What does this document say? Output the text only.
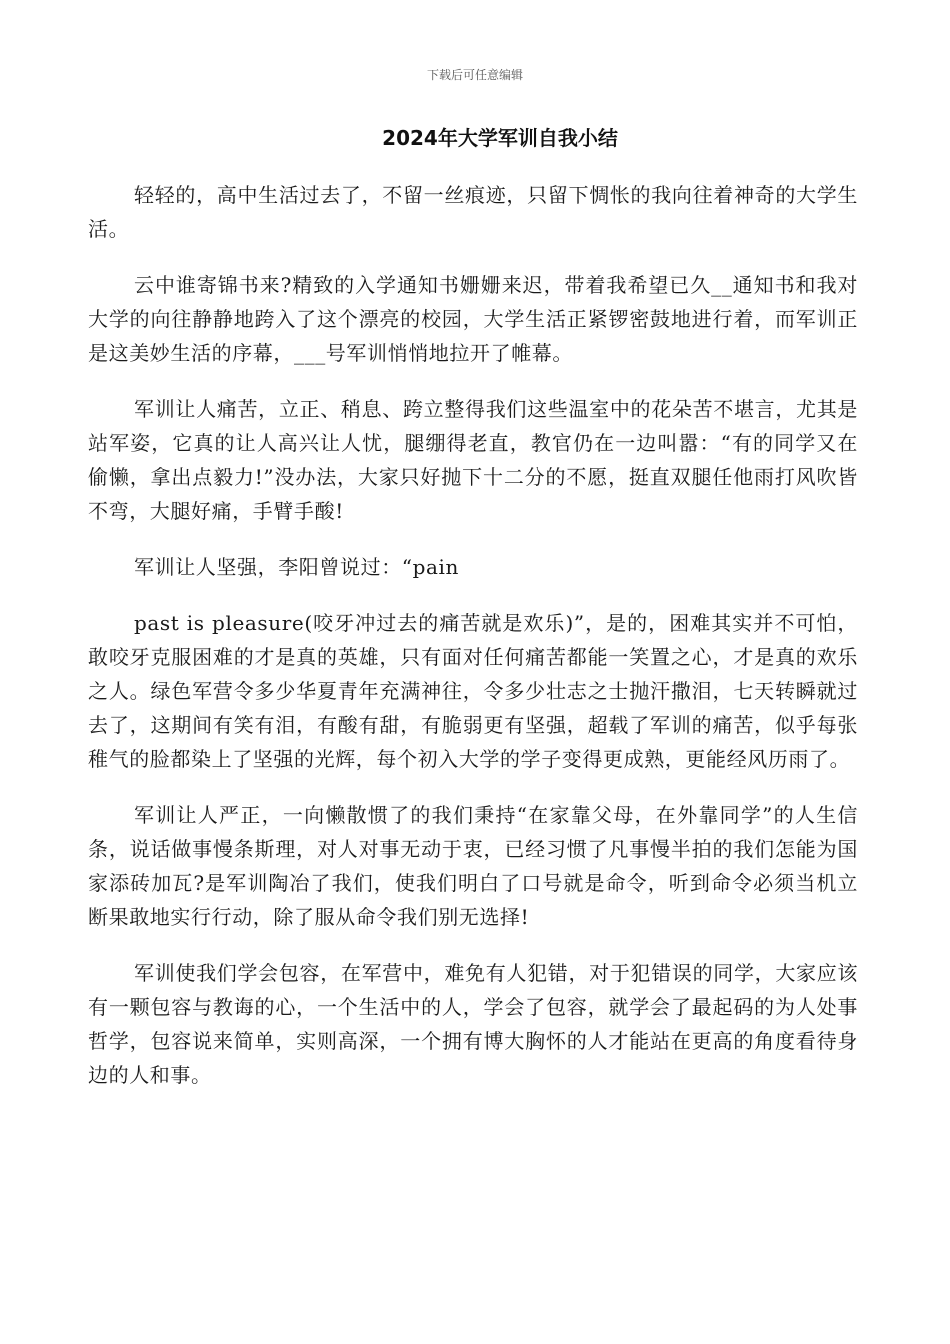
下载后可任意编辑
2024年大学军训自我小结

轻轻的，高中生活过去了，不留一丝痕迹，只留下惆怅的我向往着神奇的大学生活。

云中谁寄锦书来?精致的入学通知书姗姗来迟，带着我希望已久__通知书和我对大学的向往静静地跨入了这个漂亮的校园，大学生活正紧锣密鼓地进行着，而军训正是这美妙生活的序幕，___号军训悄悄地拉开了帷幕。

军训让人痛苦，立正、稍息、跨立整得我们这些温室中的花朵苦不堪言，尤其是站军姿，它真的让人高兴让人忧，腿绷得老直，教官仍在一边叫嚣：“有的同学又在偷懒，拿出点毅力!”没办法，大家只好抛下十二分的不愿，挺直双腿任他雨打风吹皆不弯，大腿好痛，手臂手酸!

军训让人坚强，李阳曾说过：“pain

past is pleasure(咬牙冲过去的痛苦就是欢乐)”，是的，困难其实并不可怕，敢咬牙克服困难的才是真的英雄，只有面对任何痛苦都能一笑置之心，才是真的欢乐之人。绿色军营令多少华夏青年充满神往，令多少壮志之士抛汗撒泪，七天转瞬就过去了，这期间有笑有泪，有酸有甜，有脆弱更有坚强，超载了军训的痛苦，似乎每张稚气的脸都染上了坚强的光辉，每个初入大学的学子变得更成熟，更能经风历雨了。

军训让人严正，一向懒散惯了的我们秉持“在家靠父母，在外靠同学”的人生信条，说话做事慢条斯理，对人对事无动于衷，已经习惯了凡事慢半拍的我们怎能为国家添砖加瓦?是军训陶冶了我们，使我们明白了口号就是命令，听到命令必须当机立断果敢地实行行动，除了服从命令我们别无选择!

军训使我们学会包容，在军营中，难免有人犯错，对于犯错误的同学，大家应该有一颗包容与教诲的心，一个生活中的人，学会了包容，就学会了最起码的为人处事哲学，包容说来简单，实则高深，一个拥有博大胸怀的人才能站在更高的角度看待身边的人和事。
